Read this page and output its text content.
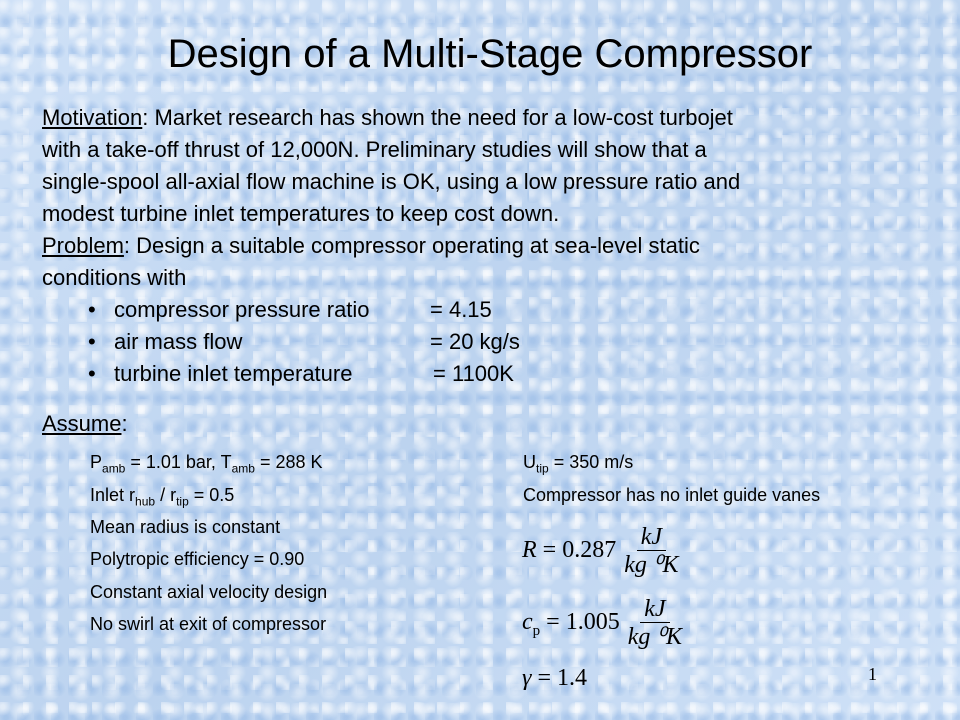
Design of a Multi-Stage Compressor
Motivation: Market research has shown the need for a low-cost turbojet
with a take-off thrust of 12,000N. Preliminary studies will show that a
single-spool all-axial flow machine is OK, using a low pressure ratio and
modest turbine inlet temperatures to keep cost down.
Problem: Design a suitable compressor operating at sea-level static
conditions with
• compressor pressure ratio	= 4.15
• air mass flow	= 20 kg/s
• turbine inlet temperature	= 1100K
Assume:
$P_{amb} = 1.01$ bar, $T_{amb} = 288$ K
Inlet $r_{hub} / r_{tip} = 0.5$
Mean radius is constant
Polytropic efficiency = 0.90
Constant axial velocity design
No swirl at exit of compressor
$U_{tip} = 350$ m/s
Compressor has no inlet guide vanes
$R = 0.287 \frac{kJ}{\text{kg ⁰K}}$
$c_p = 1.005 \frac{kJ}{\text{kg ⁰K}}$
γ = 1.4	1
